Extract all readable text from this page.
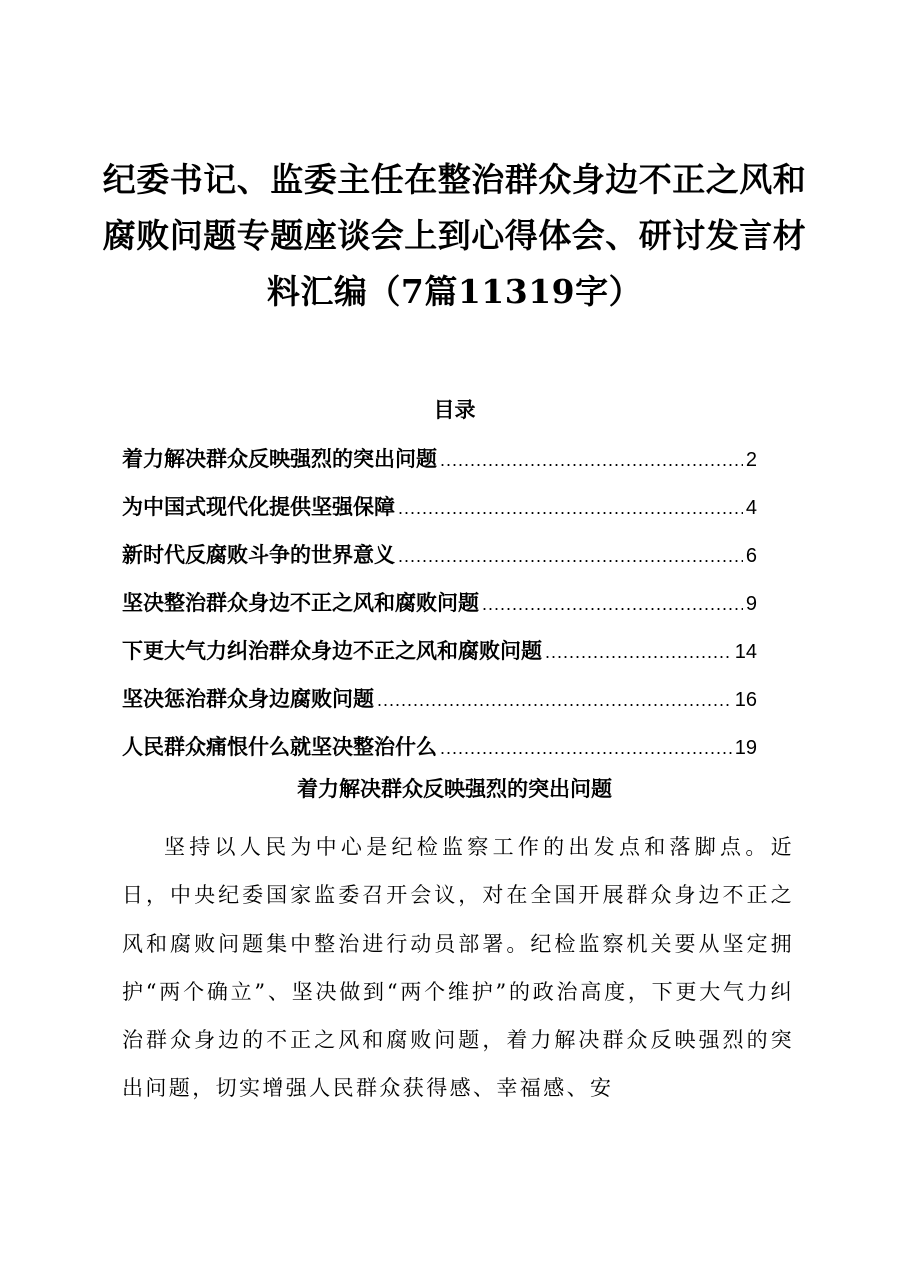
纪委书记、监委主任在整治群众身边不正之风和腐败问题专题座谈会上到心得体会、研讨发言材料汇编（7篇11319字）
目录
着力解决群众反映强烈的突出问题 .....	2
为中国式现代化提供坚强保障 .....	4
新时代反腐败斗争的世界意义 .....	6
坚决整治群众身边不正之风和腐败问题 .....	9
下更大气力纠治群众身边不正之风和腐败问题 .....	14
坚决惩治群众身边腐败问题 .....	16
人民群众痛恨什么就坚决整治什么 .....	19
着力解决群众反映强烈的突出问题

坚持以人民为中心是纪检监察工作的出发点和落脚点。近日，中央纪委国家监委召开会议，对在全国开展群众身边不正之风和腐败问题集中整治进行动员部署。纪检监察机关要从坚定拥护“两个确立”、坚决做到“两个维护”的政治高度，下更大气力纠治群众身边的不正之风和腐败问题，着力解决群众反映强烈的突出问题，切实增强人民群众获得感、幸福感、安
